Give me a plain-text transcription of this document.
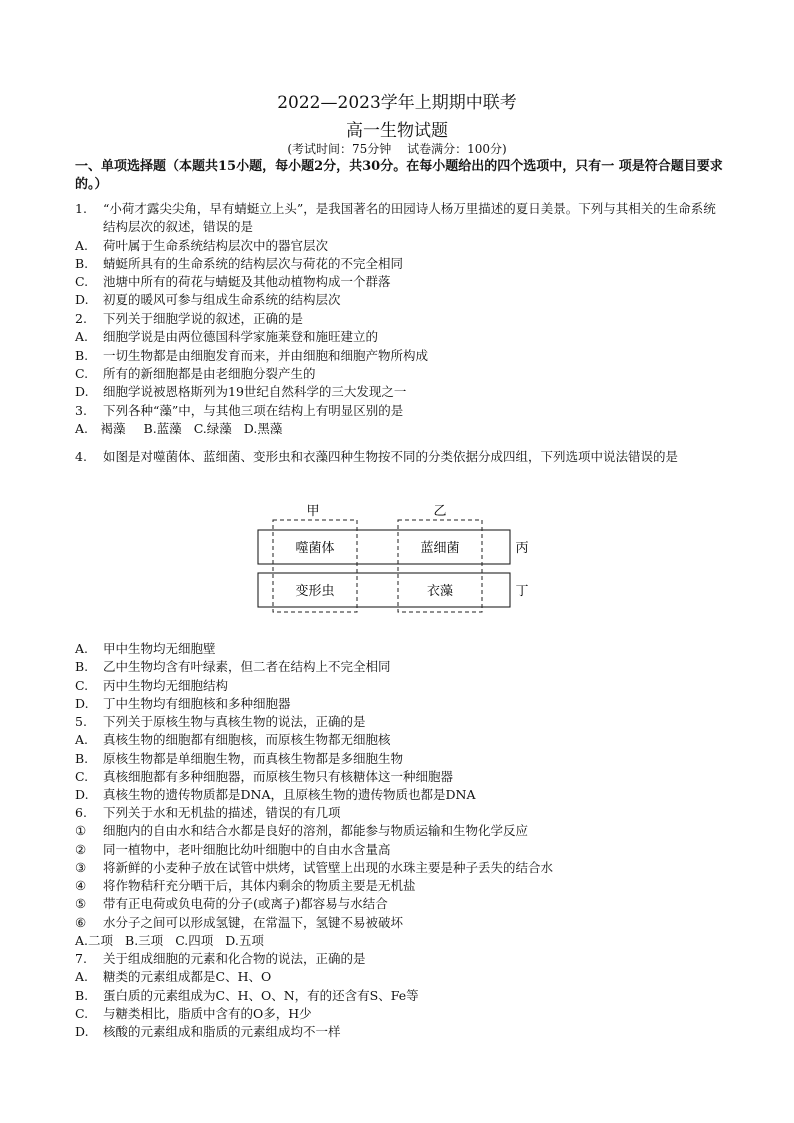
2022—2023学年上期期中联考
高一生物试题
(考试时间：75分钟　 试卷满分：100分)
一、单项选择题（本题共15小题，每小题2分，共30分。在每小题给出的四个选项中，只有一 项是符合题目要求的。）
1.	“小荷才露尖尖角，早有蜻蜓立上头”，是我国著名的田园诗人杨万里描述的夏日美景。下列与其相关的生命系统结构层次的叙述，错误的是
A.	荷叶属于生命系统结构层次中的器官层次
B.	蜻蜓所具有的生命系统的结构层次与荷花的不完全相同
C.	池塘中所有的荷花与蜻蜓及其他动植物构成一个群落
D.	初夏的暖风可参与组成生命系统的结构层次
2.	下列关于细胞学说的叙述，正确的是
A.	细胞学说是由两位德国科学家施莱登和施旺建立的
B.	一切生物都是由细胞发育而来，并由细胞和细胞产物所构成
C.	所有的新细胞都是由老细胞分裂产生的
D.	细胞学说被恩格斯列为19世纪自然科学的三大发现之一
3.	下列各种“藻”中，与其他三项在结构上有明显区别的是
A.　褐藻 B.蓝藻 C.绿藻 D.黑藻
4.	如图是对噬菌体、蓝细菌、变形虫和衣藻四种生物按不同的分类依据分成四组，下列选项中说法错误的是
甲	乙
丙
丁
噬菌体	蓝细菌
变形虫	衣藻
A.	甲中生物均无细胞壁
B.	乙中生物均含有叶绿素，但二者在结构上不完全相同
C.	丙中生物均无细胞结构
D.	丁中生物均有细胞核和多种细胞器
5.	下列关于原核生物与真核生物的说法，正确的是
A.	真核生物的细胞都有细胞核，而原核生物都无细胞核
B.	原核生物都是单细胞生物，而真核生物都是多细胞生物
C.	真核细胞都有多种细胞器，而原核生物只有核糖体这一种细胞器
D.	真核生物的遗传物质都是DNA，且原核生物的遗传物质也都是DNA
6.	下列关于水和无机盐的描述，错误的有几项
①	细胞内的自由水和结合水都是良好的溶剂，都能参与物质运输和生物化学反应
②	同一植物中，老叶细胞比幼叶细胞中的自由水含量高
③	将新鲜的小麦种子放在试管中烘烤，试管壁上出现的水珠主要是种子丢失的结合水
④	将作物秸秆充分晒干后，其体内剩余的物质主要是无机盐
⑤	带有正电荷或负电荷的分子(或离子)都容易与水结合
⑥	水分子之间可以形成氢键，在常温下，氢键不易被破坏
A.二项 B.三项 C.四项 D.五项
7.	关于组成细胞的元素和化合物的说法，正确的是
A.	糖类的元素组成都是C、H、O
B.	蛋白质的元素组成为C、H、O、N，有的还含有S、Fe等
C.	与糖类相比，脂质中含有的O多，H少
D.	核酸的元素组成和脂质的元素组成均不一样
